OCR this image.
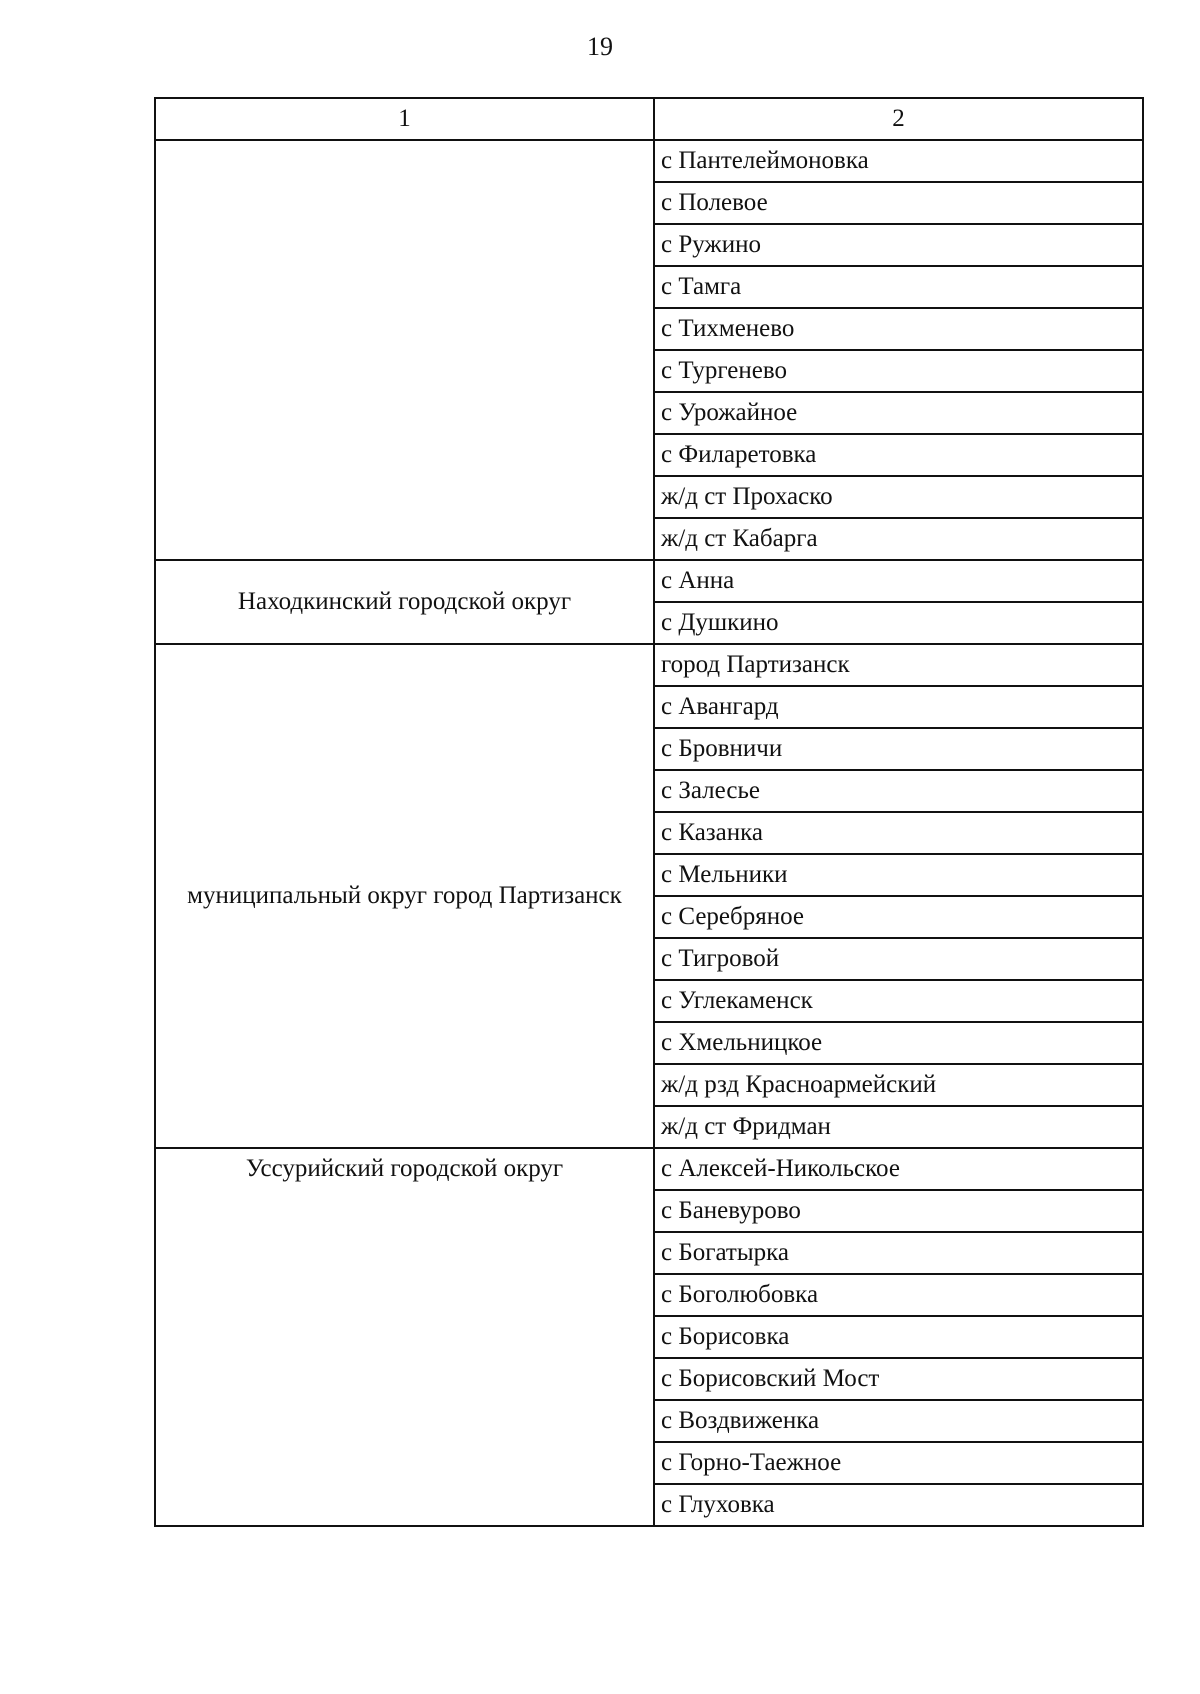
19
1	2
	с Пантелеймоновка
	с Полевое
	с Ружино
	с Тамга
	с Тихменево
	с Тургенево
	с Урожайное
	с Филаретовка
	ж/д ст Прохаско
	ж/д ст Кабарга
Находкинский городской округ	с Анна
	с Душкино
муниципальный округ город Партизанск	город Партизанск
	с Авангард
	с Бровничи
	с Залесье
	с Казанка
	с Мельники
	с Серебряное
	с Тигровой
	с Углекаменск
	с Хмельницкое
	ж/д рзд Красноармейский
	ж/д ст Фридман
Уссурийский городской округ	с Алексей-Никольское
	с Баневурово
	с Богатырка
	с Боголюбовка
	с Борисовка
	с Борисовский Мост
	с Воздвиженка
	с Горно-Таежное
	с Глуховка
